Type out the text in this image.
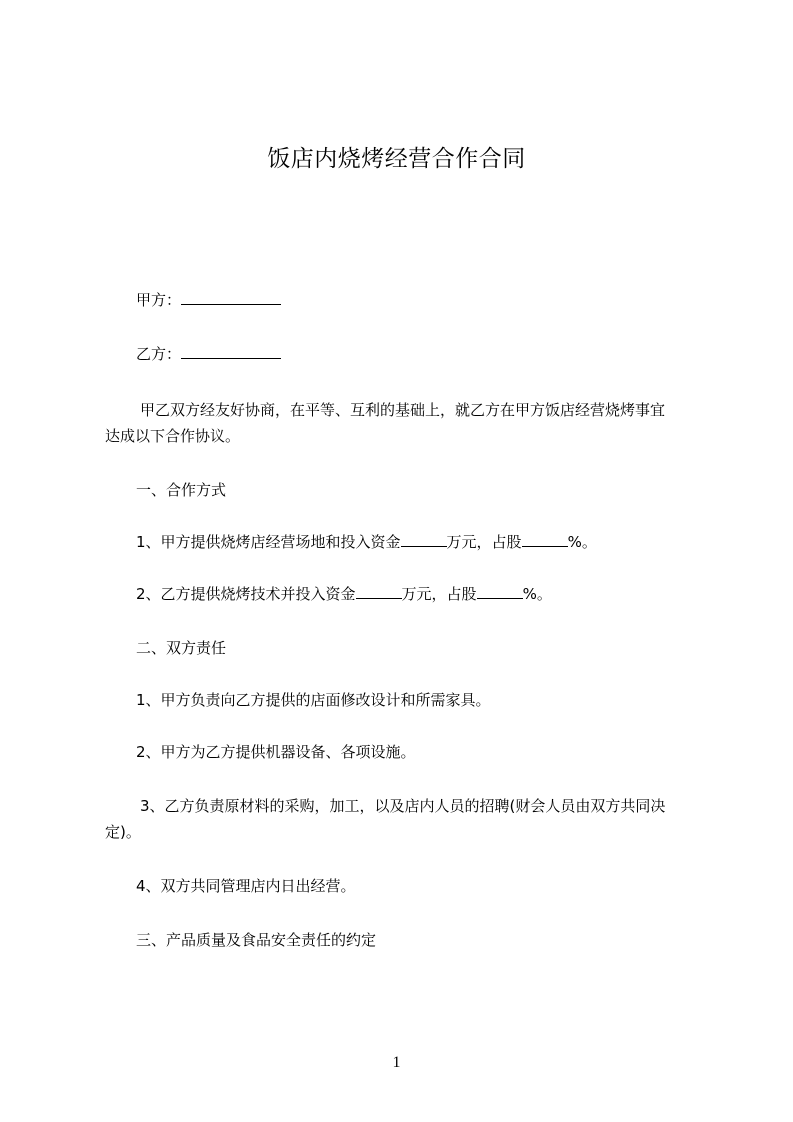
饭店内烧烤经营合作合同
甲方：
乙方：
甲乙双方经友好协商，在平等、互利的基础上，就乙方在甲方饭店经营烧烤事宜
达成以下合作协议。
一、合作方式
1、甲方提供烧烤店经营场地和投入资金	万元，占股	%。
2、乙方提供烧烤技术并投入资金	万元，占股	%。
二、双方责任
1、甲方负责向乙方提供的店面修改设计和所需家具。
2、甲方为乙方提供机器设备、各项设施。
3、乙方负责原材料的采购，加工，以及店内人员的招聘(财会人员由双方共同决
定)。
4、双方共同管理店内日出经营。
三、产品质量及食品安全责任的约定
1
